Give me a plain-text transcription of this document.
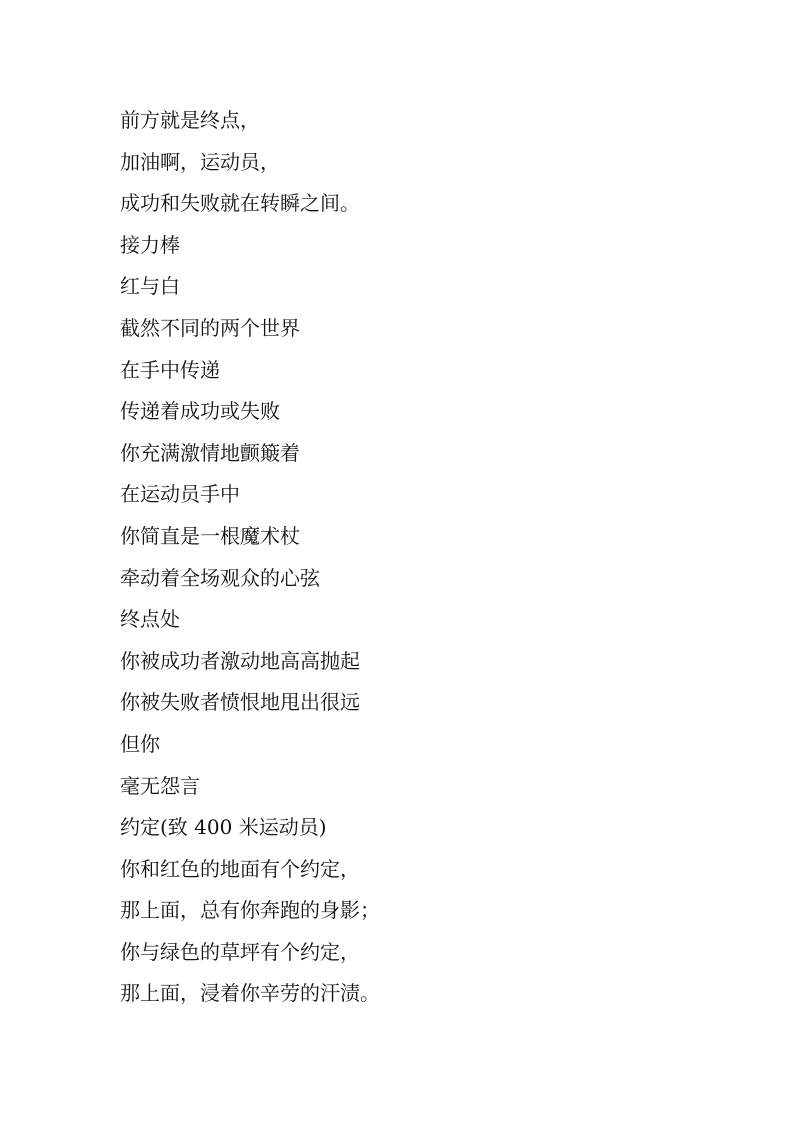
前方就是终点，
加油啊，运动员，
成功和失败就在转瞬之间。
接力棒
红与白
截然不同的两个世界
在手中传递
传递着成功或失败
你充满激情地颤簸着
在运动员手中
你简直是一根魔术杖
牵动着全场观众的心弦
终点处
你被成功者激动地高高抛起
你被失败者愤恨地甩出很远
但你
毫无怨言
约定(致 400 米运动员)
你和红色的地面有个约定，
那上面，总有你奔跑的身影；
你与绿色的草坪有个约定，
那上面，浸着你辛劳的汗渍。
